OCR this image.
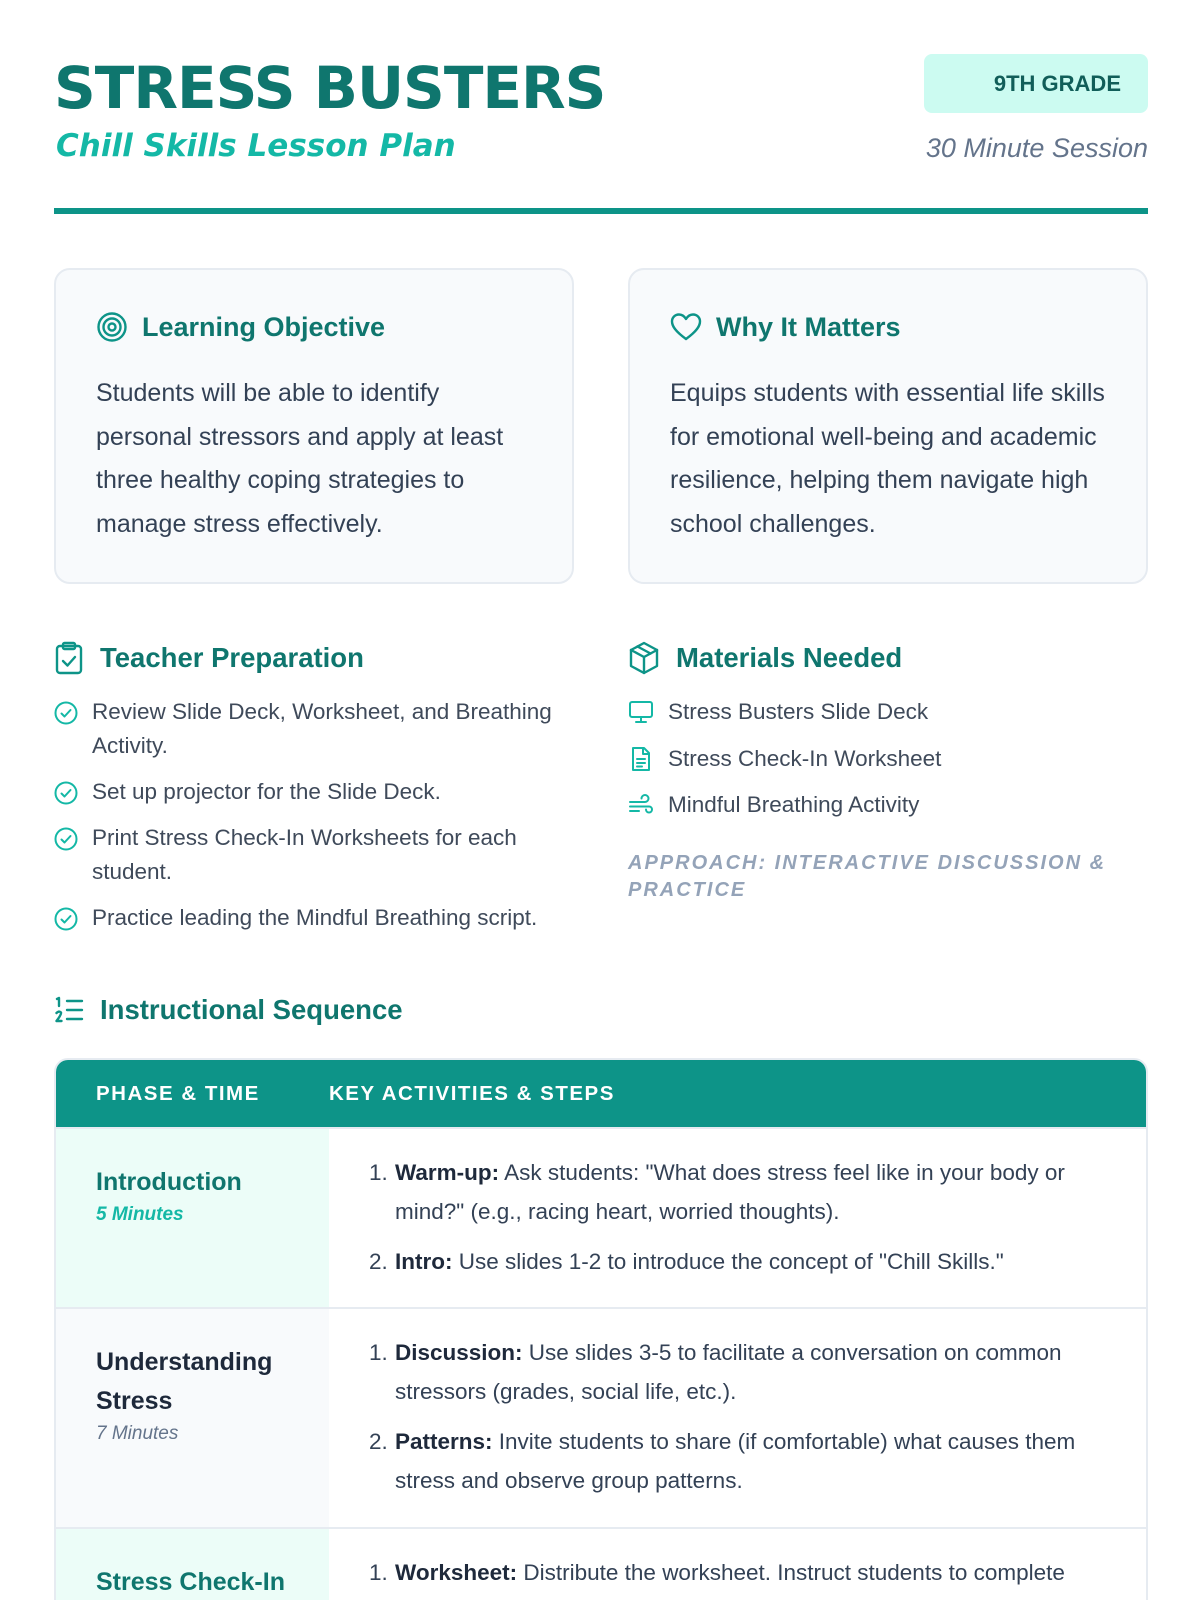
STRESS BUSTERS
Chill Skills Lesson Plan
9TH GRADE
30 Minute Session
Learning Objective

Students will be able to identify personal stressors and apply at least three healthy coping strategies to manage stress effectively.

Why It Matters

Equips students with essential life skills for emotional well-being and academic resilience, helping them navigate high school challenges.

Teacher Preparation
Review Slide Deck, Worksheet, and Breathing Activity.
Set up projector for the Slide Deck.
Print Stress Check-In Worksheets for each student.
Practice leading the Mindful Breathing script.
Materials Needed
Stress Busters Slide Deck
Stress Check-In Worksheet
Mindful Breathing Activity
APPROACH: INTERACTIVE DISCUSSION & PRACTICE
Instructional Sequence
PHASE & TIME	KEY ACTIVITIES & STEPS
Introduction
5 Minutes
1. Warm-up: Ask students: "What does stress feel like in your body or mind?" (e.g., racing heart, worried thoughts).
2. Intro: Use slides 1-2 to introduce the concept of "Chill Skills."
Understanding Stress
7 Minutes
1. Discussion: Use slides 3-5 to facilitate a conversation on common stressors (grades, social life, etc.).
2. Patterns: Invite students to share (if comfortable) what causes them stress and observe group patterns.
Stress Check-In	1. Worksheet: Distribute the worksheet. Instruct students to complete
